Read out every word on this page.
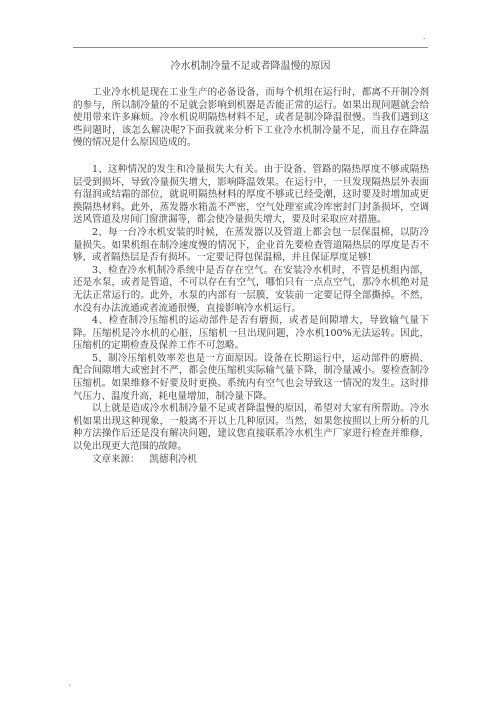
-
冷水机制冷量不足或者降温慢的原因

工业冷水机是现在工业生产的必备设备，而每个机组在运行时，都离不开制冷剂的参与，所以制冷量的不足就会影响到机器是否能正常的运行。如果出现问题就会给使用带来许多麻烦。冷水机说明隔热材料不足，或者是制冷降温很慢。当我们遇到这些问题时，该怎么解决呢?下面我就来分析下工业冷水机制冷量不足，而且存在降温慢的情况是什么原因造成的。

1、这种情况的发生和冷量损失大有关。由于设备、管路的隔热厚度不够或隔热层受到损坏，导致冷量损失增大，影响降温效果。在运行中，一旦发现隔热层外表面有湿润或结霜的部位，就说明隔热材料的厚度不够或已经受潮，这时要及时增加或更换隔热材料。此外，蒸发器水箱盖不严密，空气处理室或冷库密封门封条损坏，空调送风管道及房间门窗泄漏等，都会使冷量损失增大，要及时采取应对措施。

2、每一台冷水机安装的时候，在蒸发器以及管道上都会包一层保温棉，以防冷量损失。如果机组在制冷速度慢的情况下，企业首先要检查管道隔热层的厚度是否不够，或者隔热层是否有损坏。一定要记得包保温棉，并且保证厚度足够!

3、检查冷水机制冷系统中是否存在空气。在安装冷水机时，不管是机组内部，还是水泵，或者是管道，不可以存在有空气，哪怕只有一点点空气，那冷水机绝对是无法正常运行的。此外，水泵的内部有一层膜，安装前一定要记得全部撕掉。不然，水没有办法流通或者流通很慢，直接影响冷水机运行。

4、检查制冷压缩机的运动部件是否有磨损，或者是间隙增大，导致输气量下降。压缩机是冷水机的心脏，压缩机一旦出现问题，冷水机100%无法运转。因此，压缩机的定期检查及保养工作不可忽略。

5、制冷压缩机效率差也是一方面原因。设备在长期运行中，运动部件的磨损、配合间隙增大或密封不严，都会使压缩机实际输气量下降，制冷量减小。要检查制冷压缩机。如果维修不好要及时更换。系统内有空气也会导致这一情况的发生。这时排气压力、温度升高，耗电量增加，制冷量下降。

以上就是造成冷水机制冷量不足或者降温慢的原因，希望对大家有所帮助。冷水机如果出现这种现象，一般离不开以上几种原因。当然，如果您按照以上所分析的几种方法操作后还是没有解决问题，建议您直接联系冷水机生产厂家进行检查并维修，以免出现更大范围的故障。

文章来源： 凯德利冷机

、
